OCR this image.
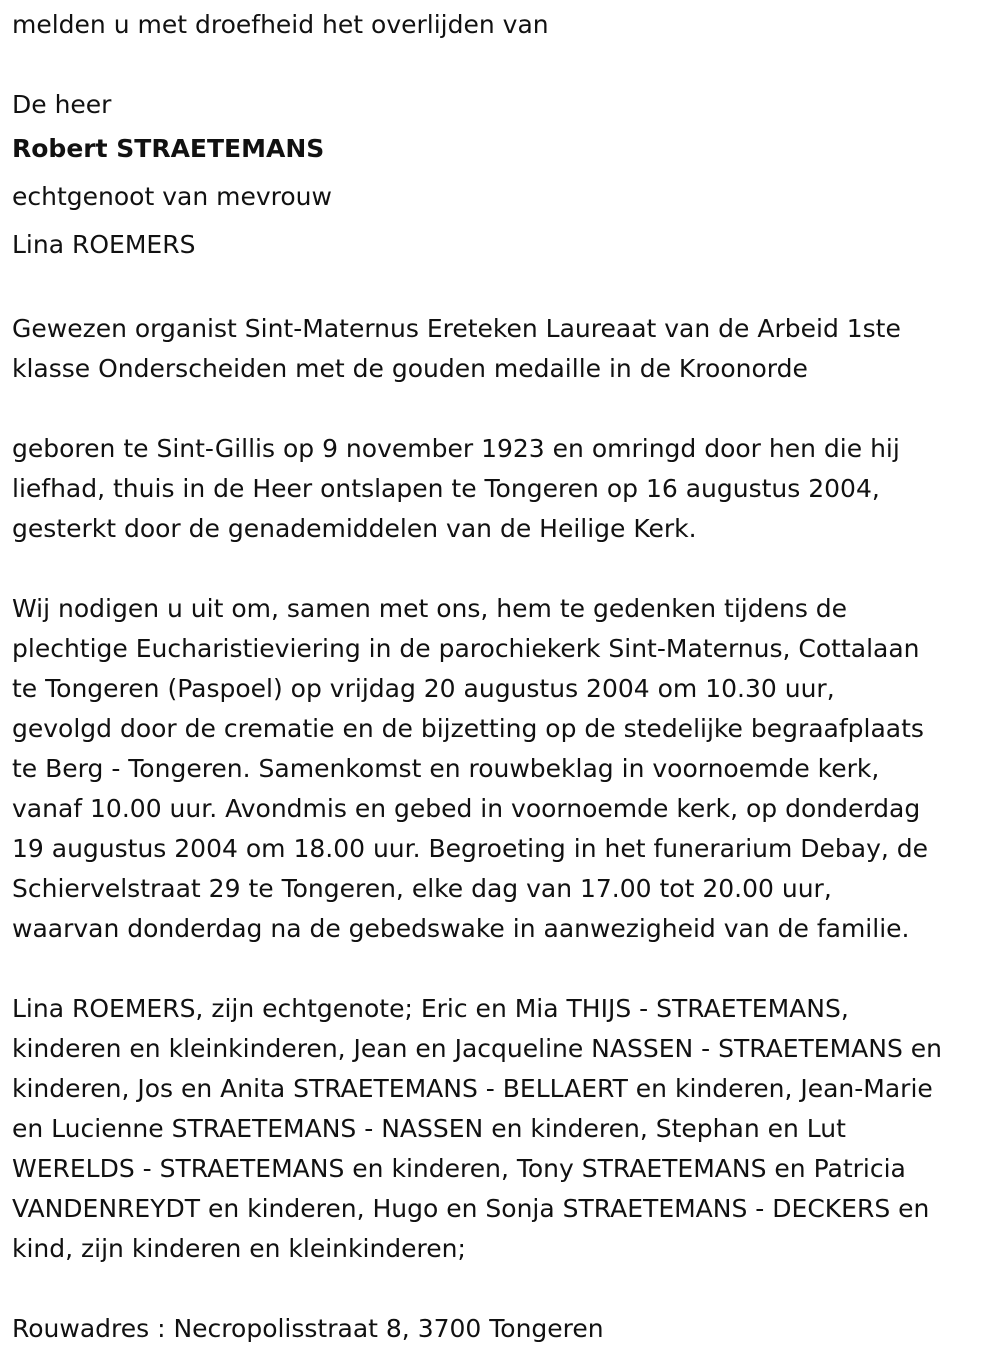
melden u met droefheid het overlijden van

De heer

Robert STRAETEMANS

echtgenoot van mevrouw

Lina ROEMERS

Gewezen organist Sint-Maternus Ereteken Laureaat van de Arbeid 1ste

klasse Onderscheiden met de gouden medaille in de Kroonorde

geboren te Sint-Gillis op 9 november 1923 en omringd door hen die hij

liefhad, thuis in de Heer ontslapen te Tongeren op 16 augustus 2004,

gesterkt door de genademiddelen van de Heilige Kerk.

Wij nodigen u uit om, samen met ons, hem te gedenken tijdens de

plechtige Eucharistieviering in de parochiekerk Sint-Maternus, Cottalaan

te Tongeren (Paspoel) op vrijdag 20 augustus 2004 om 10.30 uur,

gevolgd door de crematie en de bijzetting op de stedelijke begraafplaats

te Berg - Tongeren. Samenkomst en rouwbeklag in voornoemde kerk,

vanaf 10.00 uur. Avondmis en gebed in voornoemde kerk, op donderdag

19 augustus 2004 om 18.00 uur. Begroeting in het funerarium Debay, de

Schiervelstraat 29 te Tongeren, elke dag van 17.00 tot 20.00 uur,

waarvan donderdag na de gebedswake in aanwezigheid van de familie.

Lina ROEMERS, zijn echtgenote; Eric en Mia THIJS - STRAETEMANS,

kinderen en kleinkinderen, Jean en Jacqueline NASSEN - STRAETEMANS en

kinderen, Jos en Anita STRAETEMANS - BELLAERT en kinderen, Jean-Marie

en Lucienne STRAETEMANS - NASSEN en kinderen, Stephan en Lut

WERELDS - STRAETEMANS en kinderen, Tony STRAETEMANS en Patricia

VANDENREYDT en kinderen, Hugo en Sonja STRAETEMANS - DECKERS en

kind, zijn kinderen en kleinkinderen;

Rouwadres : Necropolisstraat 8, 3700 Tongeren
